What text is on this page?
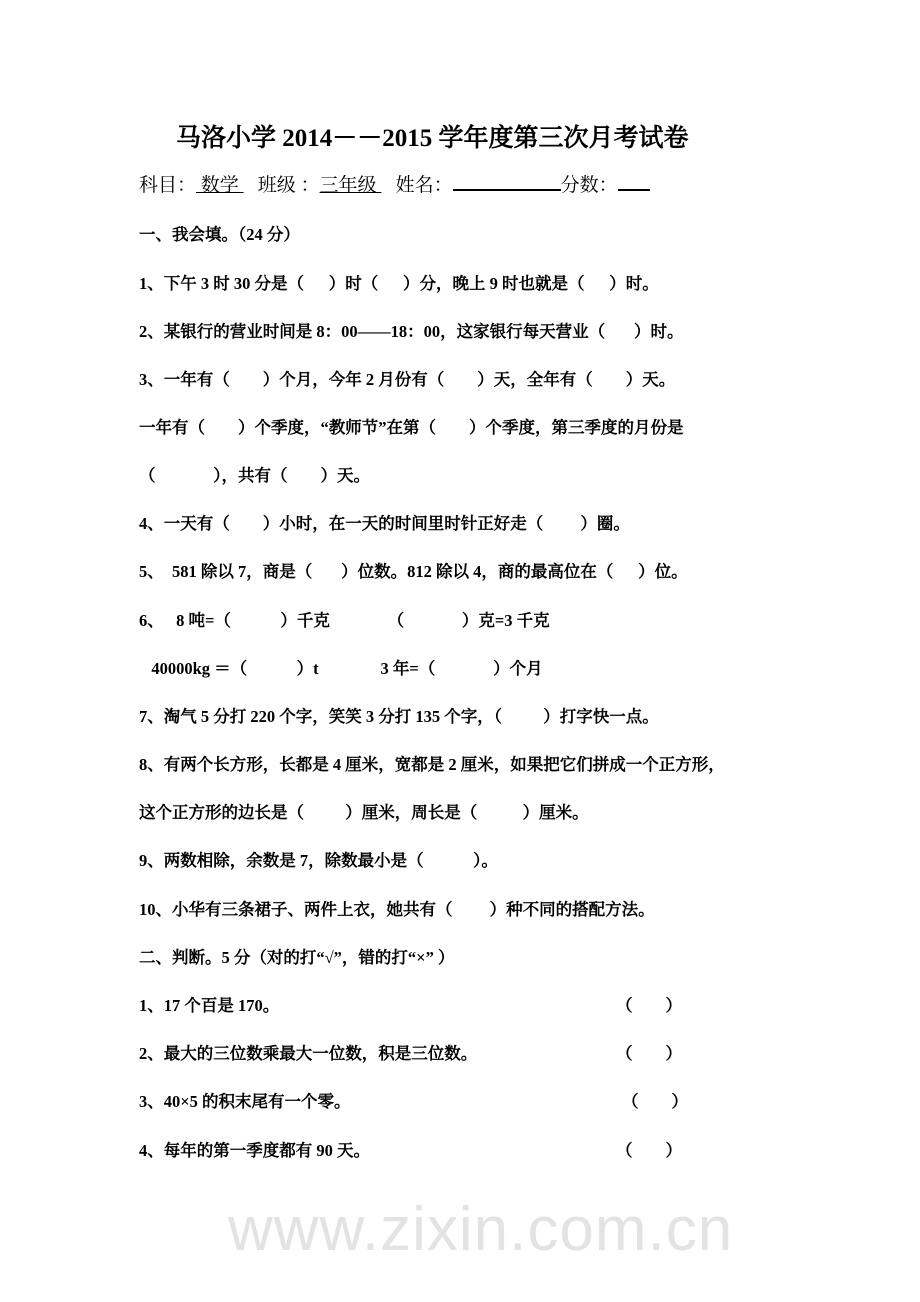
www.zixin.com.cn
马洛小学 2014－－2015 学年度第三次月考试卷
科目： 数学    班级 ：三年级    姓名：	分数：
一、我会填。（24 分）
1、下午 3 时 30 分是（      ）时（      ）分，晚上 9 时也就是（      ）时。
2、某银行的营业时间是 8：00——18：00，这家银行每天营业（       ）时。
3、一年有（        ）个月，今年 2 月份有（        ）天，全年有（        ）天。
一年有（        ）个季度，“教师节”在第（        ）个季度，第三季度的月份是
（              ），共有（        ）天。
4、一天有（        ）小时，在一天的时间里时针正好走（         ）圈。
5、  581 除以 7，商是（       ）位数。812 除以 4，商的最高位在（      ）位。
6、   8 吨=（            ）千克              （              ）克=3 千克
40000kg ＝（            ）t               3 年=（              ）个月
7、淘气 5 分打 220 个字，笑笑 3 分打 135 个字，（          ）打字快一点。
8、有两个长方形，长都是 4 厘米，宽都是 2 厘米，如果把它们拼成一个正方形，
这个正方形的边长是（          ）厘米，周长是（           ）厘米。
9、两数相除，余数是 7，除数最小是（            ）。
10、小华有三条裙子、两件上衣，她共有（         ）种不同的搭配方法。
二、判断。5 分（对的打“√”，错的打“×” ）
1、17 个百是 170。	（        ）
2、最大的三位数乘最大一位数，积是三位数。	（        ）
3、40×5 的积末尾有一个零。	（        ）
4、每年的第一季度都有 90 天。	（        ）
